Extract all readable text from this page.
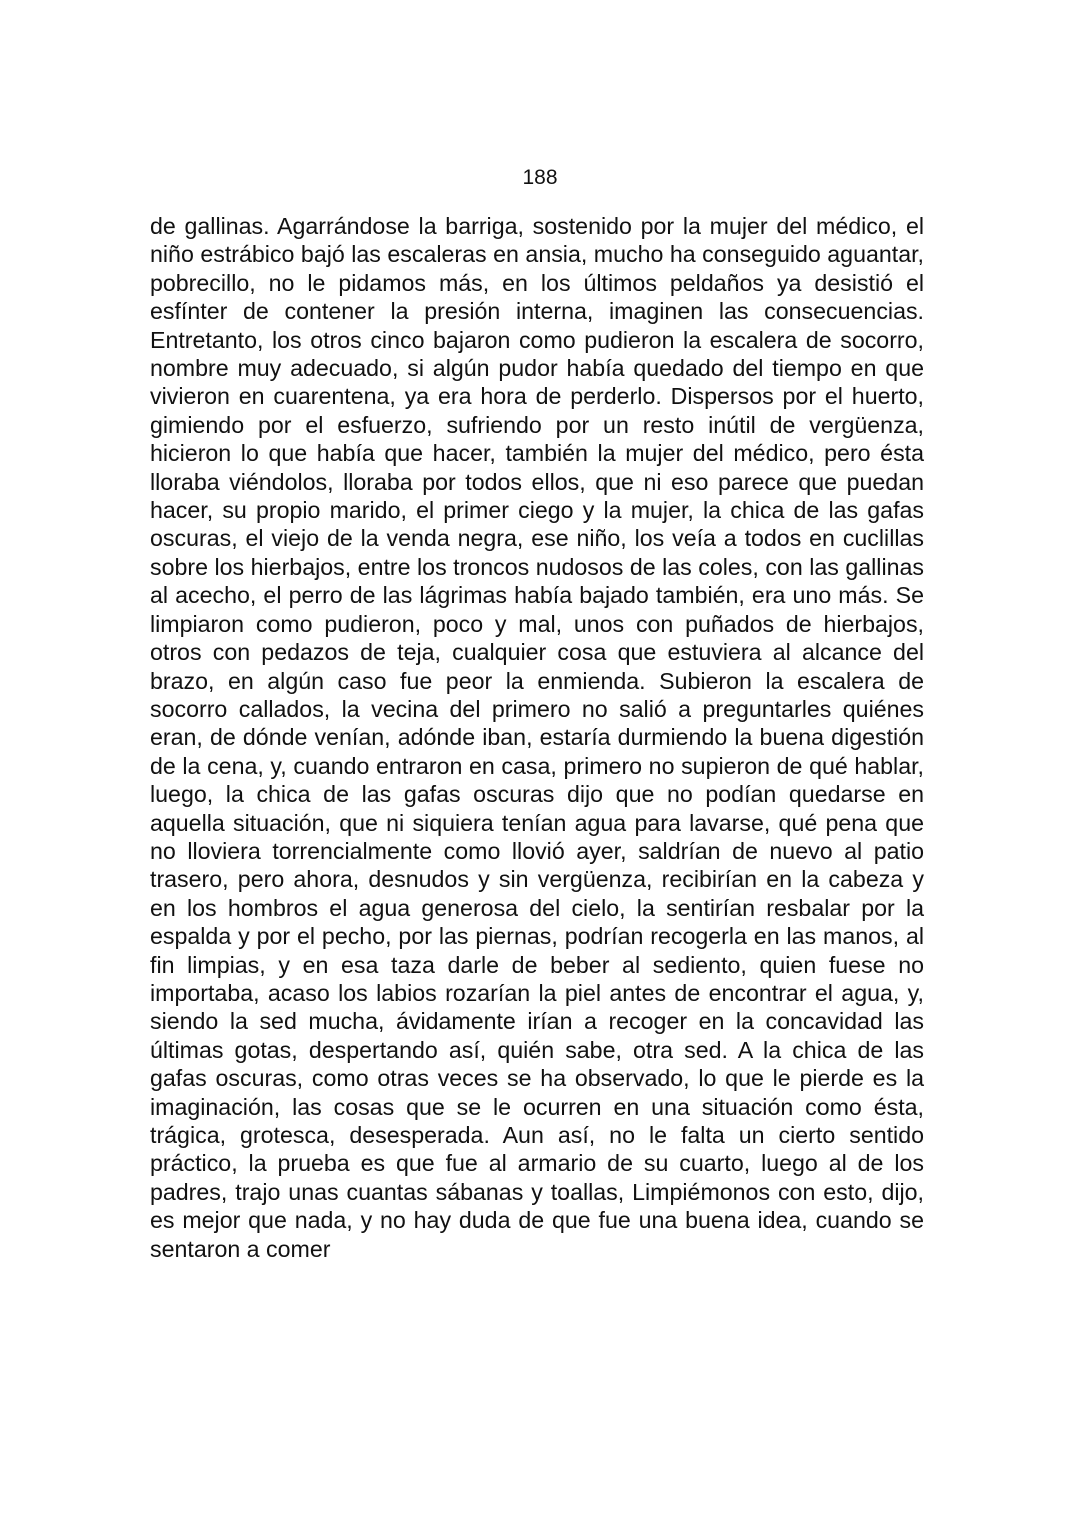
188

de gallinas. Agarrándose la barriga, sostenido por la mujer del médico, el niño estrábico bajó las escaleras en ansia, mucho ha conseguido aguantar, pobrecillo, no le pidamos más, en los últimos peldaños ya desistió el esfínter de contener la presión interna, imaginen las consecuencias. Entretanto, los otros cinco bajaron como pudieron la escalera de socorro, nombre muy adecuado, si algún pudor había quedado del tiempo en que vivieron en cuarentena, ya era hora de perderlo. Dispersos por el huerto, gimiendo por el esfuerzo, sufriendo por un resto inútil de vergüenza, hicieron lo que había que hacer, también la mujer del médico, pero ésta lloraba viéndolos, lloraba por todos ellos, que ni eso parece que puedan hacer, su propio marido, el primer ciego y la mujer, la chica de las gafas oscuras, el viejo de la venda negra, ese niño, los veía a todos en cuclillas sobre los hierbajos, entre los troncos nudosos de las coles, con las gallinas al acecho, el perro de las lágrimas había bajado también, era uno más. Se limpiaron como pudieron, poco y mal, unos con puñados de hierbajos, otros con pedazos de teja, cualquier cosa que estuviera al alcance del brazo, en algún caso fue peor la enmienda. Subieron la escalera de socorro callados, la vecina del primero no salió a preguntarles quiénes eran, de dónde venían, adónde iban, estaría durmiendo la buena digestión de la cena, y, cuando entraron en casa, primero no supieron de qué hablar, luego, la chica de las gafas oscuras dijo que no podían quedarse en aquella situación, que ni siquiera tenían agua para lavarse, qué pena que no lloviera torrencialmente como llovió ayer, saldrían de nuevo al patio trasero, pero ahora, desnudos y sin vergüenza, recibirían en la cabeza y en los hombros el agua generosa del cielo, la sentirían resbalar por la espalda y por el pecho, por las piernas, podrían recogerla en las manos, al fin limpias, y en esa taza darle de beber al sediento, quien fuese no importaba, acaso los labios rozarían la piel antes de encontrar el agua, y, siendo la sed mucha, ávidamente irían a recoger en la concavidad las últimas gotas, despertando así, quién sabe, otra sed. A la chica de las gafas oscuras, como otras veces se ha observado, lo que le pierde es la imaginación, las cosas que se le ocurren en una situación como ésta, trágica, grotesca, desesperada. Aun así, no le falta un cierto sentido práctico, la prueba es que fue al armario de su cuarto, luego al de los padres, trajo unas cuantas sábanas y toallas, Limpiémonos con esto, dijo, es mejor que nada, y no hay duda de que fue una buena idea, cuando se sentaron a comer
